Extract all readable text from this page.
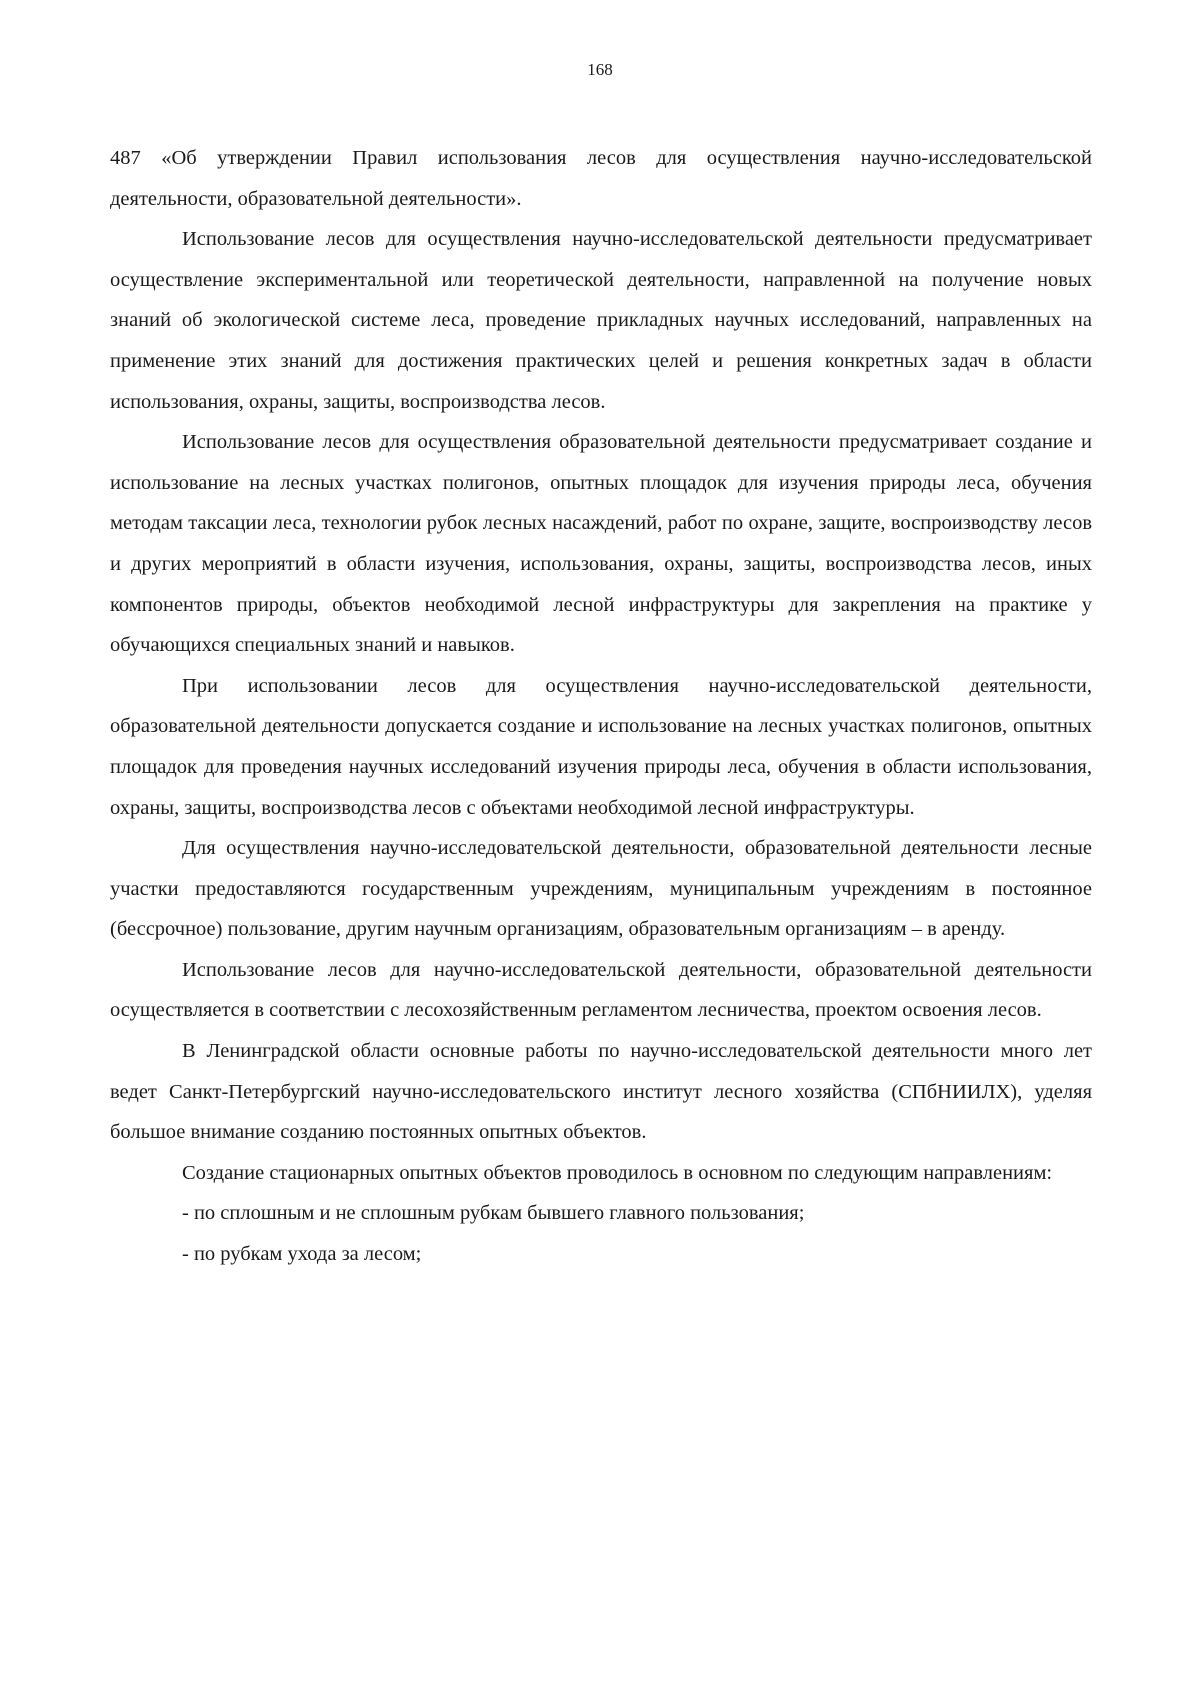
168

487 «Об утверждении Правил использования лесов для осуществления научно-исследовательской деятельности, образовательной деятельности».

Использование лесов для осуществления научно-исследовательской деятельности предусматривает осуществление экспериментальной или теоретической деятельности, направленной на получение новых знаний об экологической системе леса, проведение прикладных научных исследований, направленных на применение этих знаний для достижения практических целей и решения конкретных задач в области использования, охраны, защиты, воспроизводства лесов.

Использование лесов для осуществления образовательной деятельности предусматривает создание и использование на лесных участках полигонов, опытных площадок для изучения природы леса, обучения методам таксации леса, технологии рубок лесных насаждений, работ по охране, защите, воспроизводству лесов и других мероприятий в области изучения, использования, охраны, защиты, воспроизводства лесов, иных компонентов природы, объектов необходимой лесной инфраструктуры для закрепления на практике у обучающихся специальных знаний и навыков.

При использовании лесов для осуществления научно-исследовательской деятельности, образовательной деятельности допускается создание и использование на лесных участках полигонов, опытных площадок для проведения научных исследований изучения природы леса, обучения в области использования, охраны, защиты, воспроизводства лесов с объектами необходимой лесной инфраструктуры.

Для осуществления научно-исследовательской деятельности, образовательной деятельности лесные участки предоставляются государственным учреждениям, муниципальным учреждениям в постоянное (бессрочное) пользование, другим научным организациям, образовательным организациям – в аренду.

Использование лесов для научно-исследовательской деятельности, образовательной деятельности осуществляется в соответствии с лесохозяйственным регламентом лесничества, проектом освоения лесов.

В Ленинградской области основные работы по научно-исследовательской деятельности много лет ведет Санкт-Петербургский научно-исследовательского институт лесного хозяйства (СПбНИИЛХ), уделяя большое внимание созданию постоянных опытных объектов.

Создание стационарных опытных объектов проводилось в основном по следующим направлениям:

- по сплошным и не сплошным рубкам бывшего главного пользования;

- по рубкам ухода за лесом;
